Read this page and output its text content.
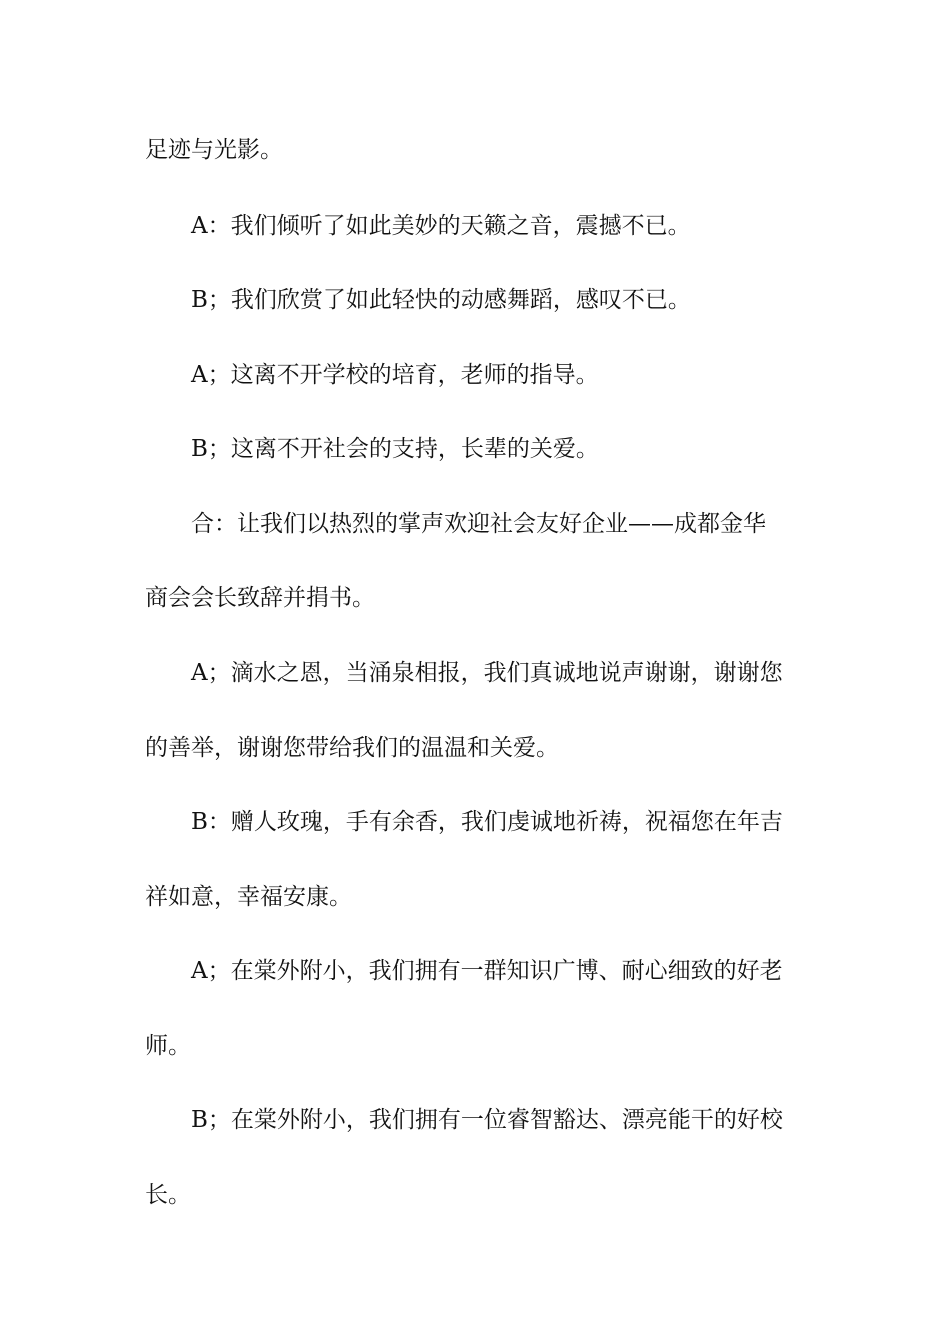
足迹与光影。
A：我们倾听了如此美妙的天籁之音，震撼不已。
B；我们欣赏了如此轻快的动感舞蹈，感叹不已。
A；这离不开学校的培育，老师的指导。
B；这离不开社会的支持，长辈的关爱。
合：让我们以热烈的掌声欢迎社会友好企业——成都金华
商会会长致辞并捐书。
A；滴水之恩，当涌泉相报，我们真诚地说声谢谢，谢谢您
的善举，谢谢您带给我们的温温和关爱。
B：赠人玫瑰，手有余香，我们虔诚地祈祷，祝福您在年吉
祥如意，幸福安康。
A；在棠外附小，我们拥有一群知识广博、耐心细致的好老
师。
B；在棠外附小，我们拥有一位睿智豁达、漂亮能干的好校
长。
